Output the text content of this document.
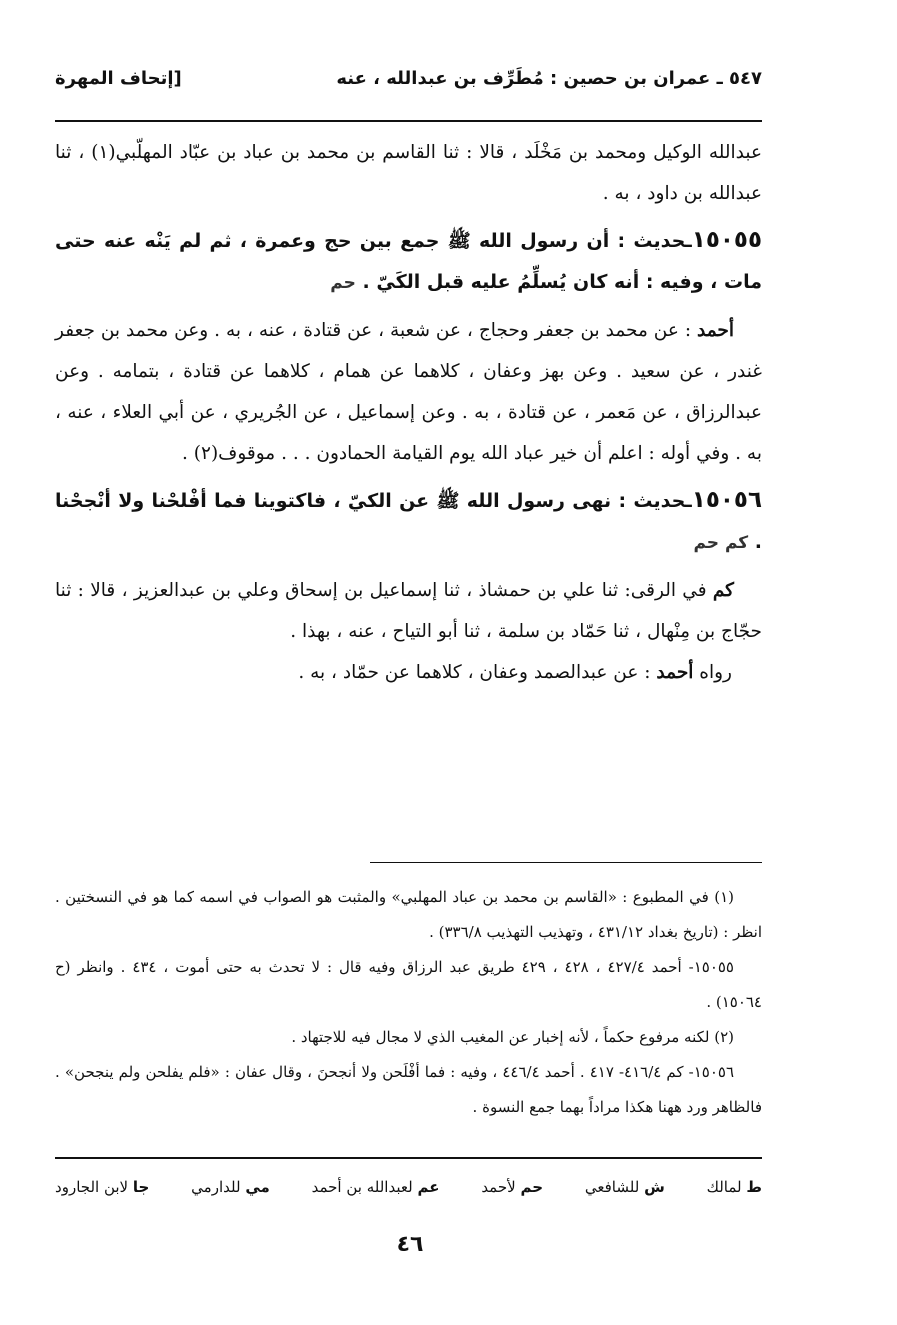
٥٤٧ ـ عمران بن حصين : مُطَرِّف بن عبدالله ، عنه
[إتحاف المهرة

عبدالله الوكيل ومحمد بن مَخْلَد ، قالا : ثنا القاسم بن محمد بن عباد بن عبّاد المهلّبي(١) ، ثنا عبدالله بن داود ، به .

١٥٠٥٥ـحديث : أن رسول الله ﷺ جمع بين حج وعمرة ، ثم لم يَنْه عنه حتى مات ، وفيه : أنه كان يُسلِّمُ عليه قبل الكَيّ . حم

أحمد : عن محمد بن جعفر وحجاج ، عن شعبة ، عن قتادة ، عنه ، به . وعن محمد بن جعفر غندر ، عن سعيد . وعن بهز وعفان ، كلاهما عن همام ، كلاهما عن قتادة ، بتمامه . وعن عبدالرزاق ، عن مَعمر ، عن قتادة ، به . وعن إسماعيل ، عن الجُريري ، عن أبي العلاء ، عنه ، به . وفي أوله : اعلم أن خير عباد الله يوم القيامة الحمادون . . . موقوف(٢) .

١٥٠٥٦ـحديث : نهى رسول الله ﷺ عن الكيّ ، فاكتوينا فما أفْلحْنا ولا أنْجحْنا . كم حم

كم في الرقى: ثنا علي بن حمشاذ ، ثنا إسماعيل بن إسحاق وعلي بن عبدالعزيز ، قالا : ثنا حجّاج بن مِنْهال ، ثنا حَمّاد بن سلمة ، ثنا أبو التياح ، عنه ، بهذا .

رواه أحمد : عن عبدالصمد وعفان ، كلاهما عن حمّاد ، به .

(١) في المطبوع : «القاسم بن محمد بن عباد المهلبي» والمثبت هو الصواب في اسمه كما هو في النسختين . انظر : (تاريخ بغداد ٤٣١/١٢ ، وتهذيب التهذيب ٣٣٦/٨) .

١٥٠٥٥- أحمد ٤٢٧/٤ ، ٤٢٨ ، ٤٢٩ طريق عبد الرزاق وفيه قال : لا تحدث به حتى أموت ، ٤٣٤ . وانظر (ح ١٥٠٦٤) .

(٢) لكنه مرفوع حكماً ، لأنه إخبار عن المغيب الذي لا مجال فيه للاجتهاد .

١٥٠٥٦- كم ٤١٦/٤- ٤١٧ . أحمد ٤٤٦/٤ ، وفيه : فما أفْلَحن ولا أنجحنَ ، وقال عفان : «فلم يفلحن ولم ينجحن» . فالظاهر ورد ههنا هكذا مراداً بهما جمع النسوة .

ط لمالك
ش للشافعي
حم لأحمد
عم لعبدالله بن أحمد
مي للدارمي
جا لابن الجارود
٤٦
